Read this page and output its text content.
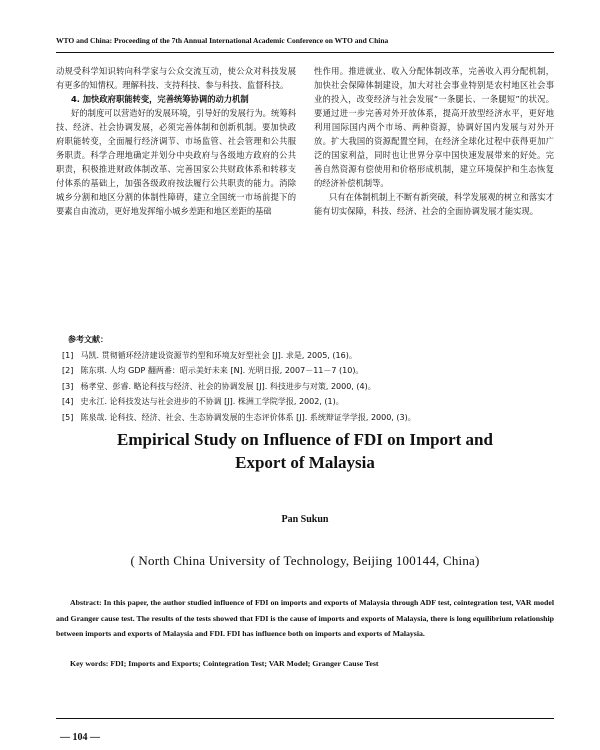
WTO and China: Proceeding of the 7th Annual International Academic Conference on WTO and China

动规受科学知识转向科学家与公众交流互动，使公众对科技发展有更多的知情权。理解科技、支持科技、参与科技、监督科技。

4. 加快政府职能转变，完善统筹协调的动力机制

好的制度可以营造好的发展环境，引导好的发展行为。统筹科技、经济、社会协调发展，必须完善体制和创新机制。要加快政府职能转变，全面履行经济调节、市场监管、社会管理和公共服务职责。科学合理地确定并划分中央政府与各级地方政府的公共职责，积极推进财政体制改革、完善国家公共财政体系和转移支付体系的基础上，加强各级政府按法履行公共职责的能力。消除城乡分割和地区分割的体制性障碍，建立全国统一市场前提下的要素自由流动，更好地发挥缩小城乡差距和地区差距的基础

性作用。推进就业、收入分配体制改革，完善收入再分配机制，加快社会保障体制建设，加大对社会事业特别是农村地区社会事业的投入，改变经济与社会发展“一条腿长、一条腿短”的状况。要通过进一步完善对外开放体系，提高开放型经济水平，更好地利用国际国内两个市场、两种资源，协调好国内发展与对外开放。扩大我国的资源配置空间，在经济全球化过程中获得更加广泛的国家利益，同时也让世界分享中国快速发展带来的好处。完善自然资源有偿使用和价格形成机制，建立环境保护和生态恢复的经济补偿机制等。

只有在体制机制上不断有新突破，科学发展观的树立和落实才能有切实保障，科技、经济、社会的全面协调发展才能实现。

参考文献：
[1] 马凯. 贯彻循环经济建设资源节约型和环境友好型社会 [J]. 求是, 2005, (16)。
[2] 陈东琪. 人均 GDP 翻两番：昭示美好未来 [N]. 光明日报, 2007－11－7 (10)。
[3] 杨孝堂、彭睿. 略论科技与经济、社会的协调发展 [J]. 科技进步与对策, 2000, (4)。
[4] 史永江. 论科技发达与社会进步的不协调 [J]. 株洲工学院学报, 2002, (1)。
[5] 陈泉哉. 论科技、经济、社会、生态协调发展的生态评价体系 [J]. 系统辩证学学报, 2000, (3)。
Empirical Study on Influence of FDI on Import and
Export of Malaysia
Pan Sukun
( North China University of Technology, Beijing 100144, China)

Abstract: In this paper, the author studied influence of FDI on imports and exports of Malaysia through ADF test, cointegration test, VAR model and Granger cause test. The results of the tests showed that FDI is the cause of imports and exports of Malaysia, there is long equilibrium relationship between imports and exports of Malaysia and FDI. FDI has influence both on imports and exports of Malaysia.

Key words: FDI; Imports and Exports; Cointegration Test; VAR Model; Granger Cause Test
— 104 —
